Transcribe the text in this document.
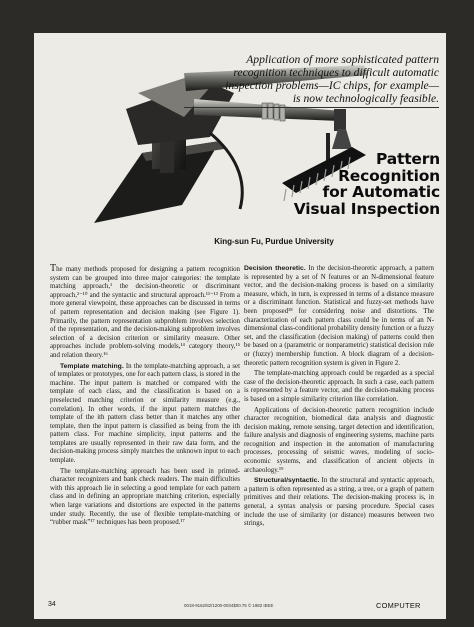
Application of more sophisticated pattern
recognition techniques to difficult automatic
inspection problems—IC chips, for example—
is now technologically feasible.
Pattern
Recognition
for Automatic
Visual Inspection
King-sun Fu, Purdue University

The many methods proposed for designing a pattern recognition system can be grouped into three major categories: the template matching approach,¹ the decision-theoretic or discriminant approach,²⁻¹⁰ and the syntactic and structural approach.¹¹⁻¹³ From a more general viewpoint, these approaches can be discussed in terms of pattern representation and decision making (see Figure 1). Primarily, the pattern representation subproblem involves selection of the representation, and the decision-making subproblem involves selection of a decision criterion or similarity measure. Other approaches include problem-solving models,¹⁴ category theory,¹⁵ and relation theory.¹⁶

Template matching. In the template-matching approach, a set of templates or prototypes, one for each pattern class, is stored in the machine. The input pattern is matched or compared with the template of each class, and the classification is based on a preselected matching criterion or similarity measure (e.g., correlation). In other words, if the input pattern matches the template of the ith pattern class better than it matches any other template, then the input pattern is classified as being from the ith pattern class. For machine simplicity, input patterns and the templates are usually represented in their raw data form, and the decision-making process simply matches the unknown input to each template.

The template-matching approach has been used in printed-character recognizers and bank check readers. The main difficulties with this approach lie in selecting a good template for each pattern class and in defining an appropriate matching criterion, especially when large variations and distortions are expected in the patterns under study. Recently, the use of flexible template-matching or “rubber mask”¹⁷ techniques has been proposed.¹⁷

Decision theoretic. In the decision-theoretic approach, a pattern is represented by a set of N features or an N-dimensional feature vector, and the decision-making process is based on a similarity measure, which, in turn, is expressed in terms of a distance measure or a discriminant function. Statistical and fuzzy-set methods have been proposed¹⁸ for considering noise and distortions. The characterization of each pattern class could be in terms of an N-dimensional class-conditional probability density function or a fuzzy set, and the classification (decision making) of patterns could then be based on a (parametric or nonparametric) statistical decision rule or (fuzzy) membership function. A block diagram of a decision-theoretic pattern recognition system is given in Figure 2.

The template-matching approach could be regarded as a special case of the decision-theoretic approach. In such a case, each pattern is represented by a feature vector, and the decision-making process is based on a simple similarity criterion like correlation.

Applications of decision-theoretic pattern recognition include character recognition, biomedical data analysis and diagnostic decision making, remote sensing, target detection and identification, failure analysis and diagnosis of engineering systems, machine parts recognition and inspection in the automation of manufacturing processes, processing of seismic waves, modeling of socio-economic systems, and classification of ancient objects in archaeology.¹⁹

Structural/syntactic. In the structural and syntactic approach, a pattern is often represented as a string, a tree, or a graph of pattern primitives and their relations. The decision-making process is, in general, a syntax analysis or parsing procedure. Special cases include the use of similarity (or distance) measures between two strings,

34	0018-9162/82/1200-0034$00.75 © 1982 IEEE	COMPUTER
